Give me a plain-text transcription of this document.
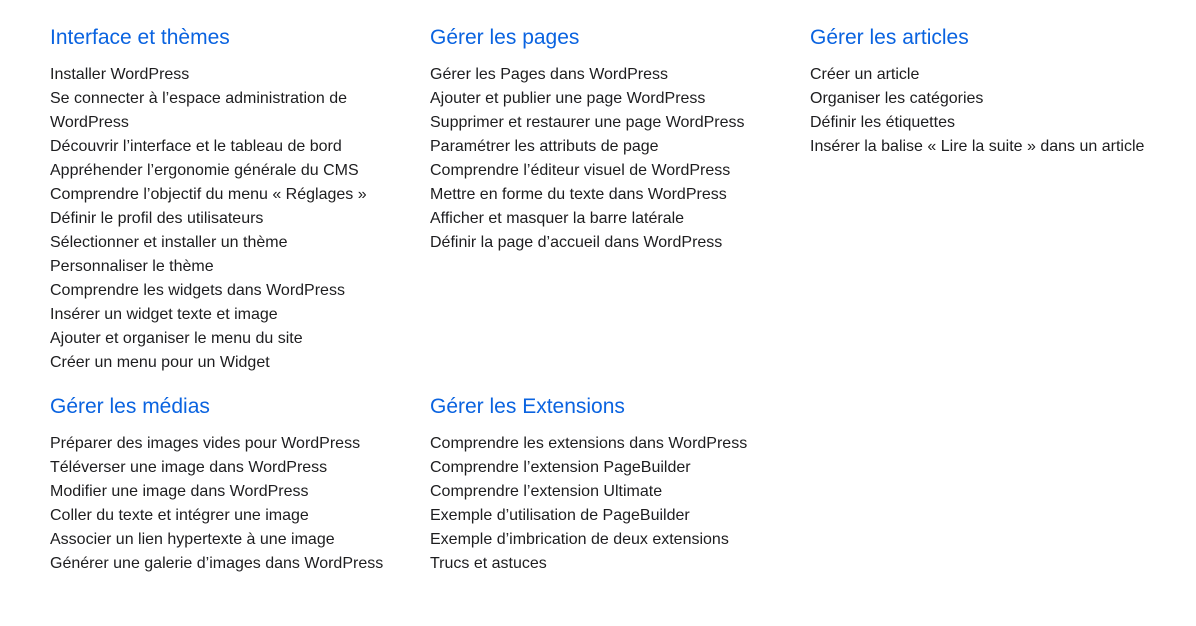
Interface et thèmes
Installer WordPress
Se connecter à l’espace administration de WordPress
Découvrir l’interface et le tableau de bord
Appréhender l’ergonomie générale du CMS
Comprendre l’objectif du menu « Réglages »
Définir le profil des utilisateurs
Sélectionner et installer un thème
Personnaliser le thème
Comprendre les widgets dans WordPress
Insérer un widget texte et image
Ajouter et organiser le menu du site
Créer un menu pour un Widget
Gérer les pages
Gérer les Pages dans WordPress
Ajouter et publier une page WordPress
Supprimer et restaurer une page WordPress
Paramétrer les attributs de page
Comprendre l’éditeur visuel de WordPress
Mettre en forme du texte dans WordPress
Afficher et masquer la barre latérale
Définir la page d’accueil dans WordPress
Gérer les articles
Créer un article
Organiser les catégories
Définir les étiquettes
Insérer la balise « Lire la suite » dans un article
Gérer les médias
Préparer des images vides pour WordPress
Téléverser une image dans WordPress
Modifier une image dans WordPress
Coller du texte et intégrer une image
Associer un lien hypertexte à une image
Générer une galerie d’images dans WordPress
Gérer les Extensions
Comprendre les extensions dans WordPress
Comprendre l’extension PageBuilder
Comprendre l’extension Ultimate
Exemple d’utilisation de PageBuilder
Exemple d’imbrication de deux extensions
Trucs et astuces
